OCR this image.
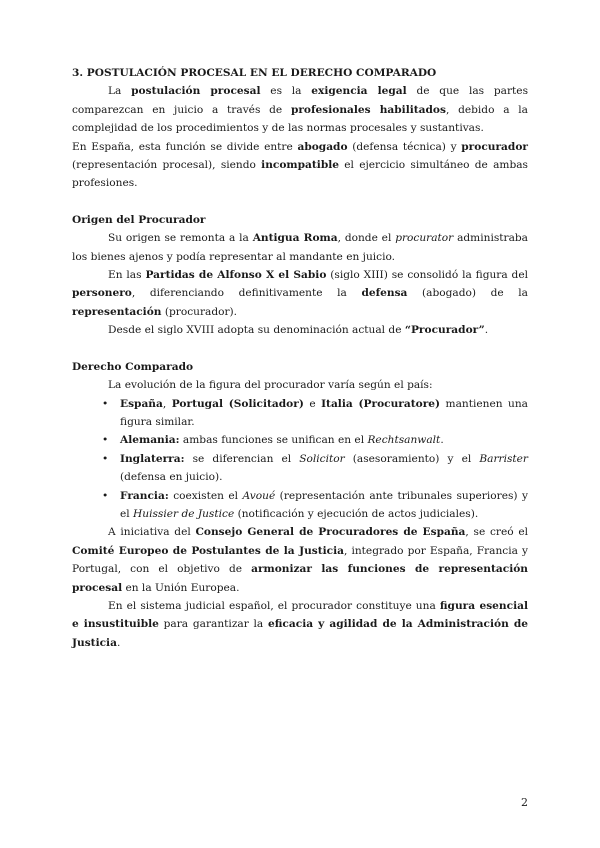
3. POSTULACIÓN PROCESAL EN EL DERECHO COMPARADO

La postulación procesal es la exigencia legal de que las partes comparezcan en juicio a través de profesionales habilitados, debido a la complejidad de los procedimientos y de las normas procesales y sustantivas.

En España, esta función se divide entre abogado (defensa técnica) y procurador (representación procesal), siendo incompatible el ejercicio simultáneo de ambas profesiones.

Origen del Procurador

Su origen se remonta a la Antigua Roma, donde el procurator administraba los bienes ajenos y podía representar al mandante en juicio.

En las Partidas de Alfonso X el Sabio (siglo XIII) se consolidó la figura del personero, diferenciando definitivamente la defensa (abogado) de la representación (procurador).

Desde el siglo XVIII adopta su denominación actual de “Procurador”.

Derecho Comparado

La evolución de la figura del procurador varía según el país:

• España, Portugal (Solicitador) e Italia (Procuratore) mantienen una figura similar.
• Alemania: ambas funciones se unifican en el Rechtsanwalt.
• Inglaterra: se diferencian el Solicitor (asesoramiento) y el Barrister (defensa en juicio).
• Francia: coexisten el Avoué (representación ante tribunales superiores) y el Huissier de Justice (notificación y ejecución de actos judiciales).

A iniciativa del Consejo General de Procuradores de España, se creó el Comité Europeo de Postulantes de la Justicia, integrado por España, Francia y Portugal, con el objetivo de armonizar las funciones de representación procesal en la Unión Europea.

En el sistema judicial español, el procurador constituye una figura esencial e insustituible para garantizar la eficacia y agilidad de la Administración de Justicia.

2
